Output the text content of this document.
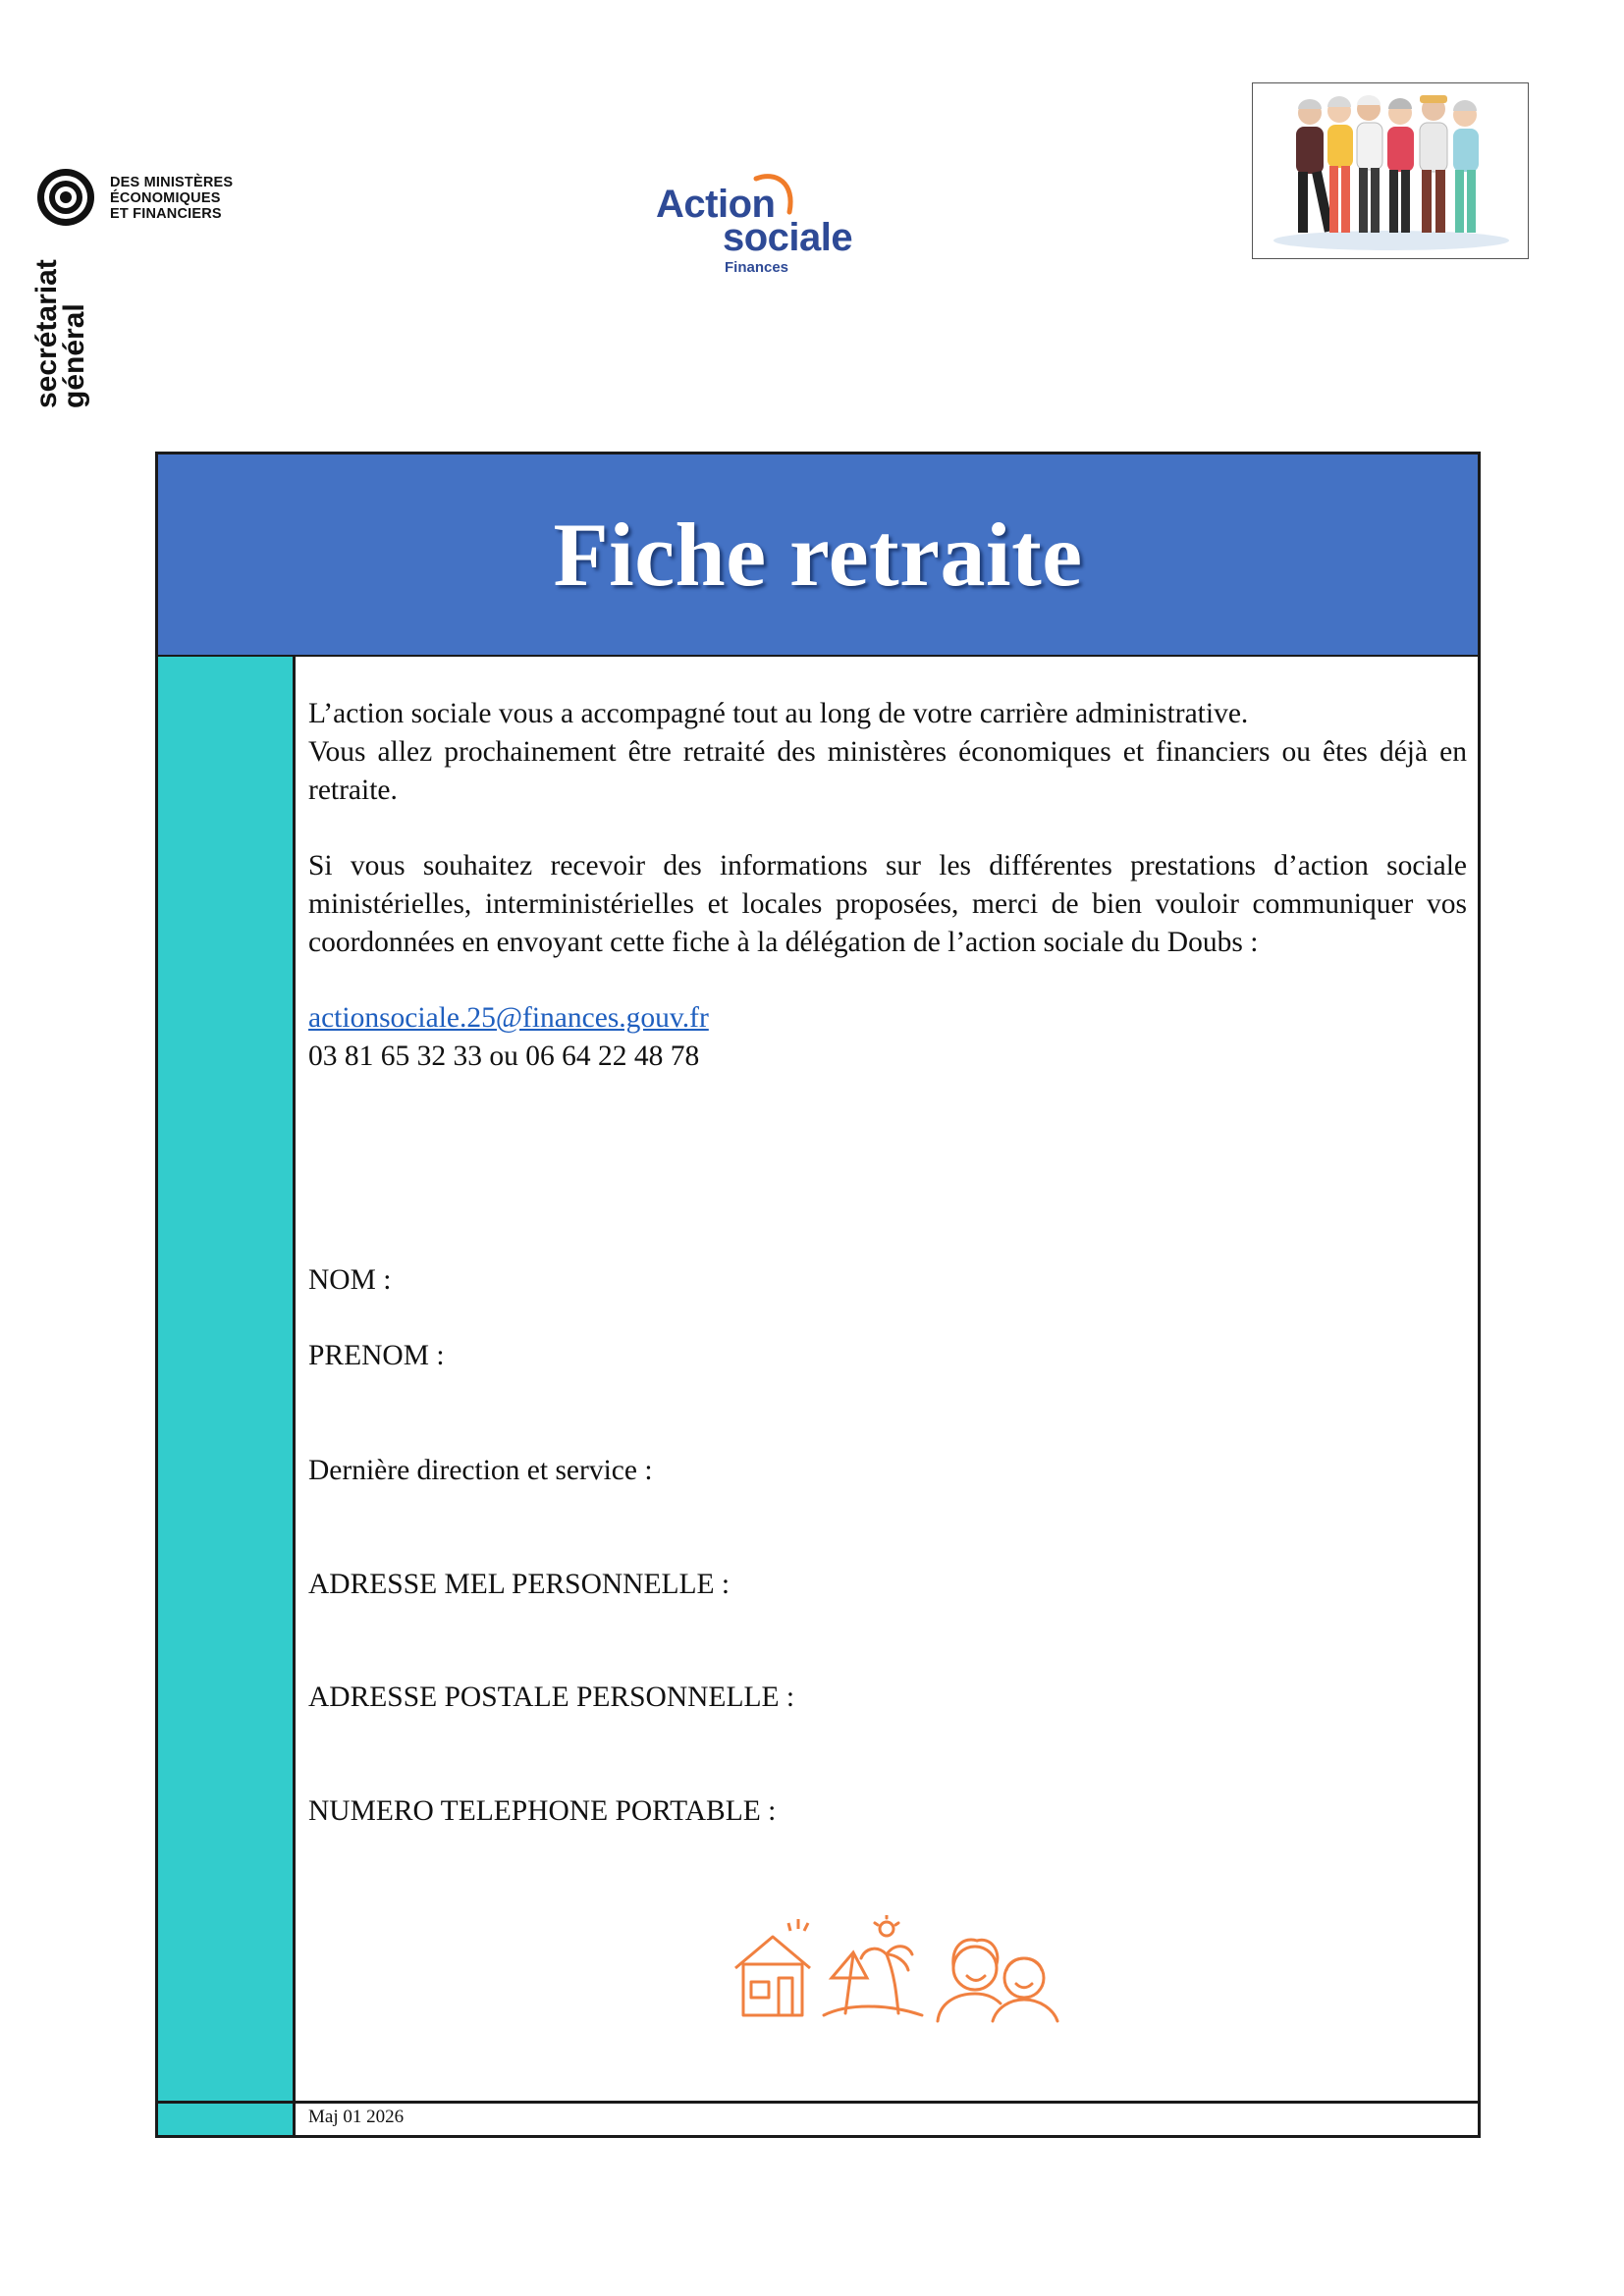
DES MINISTÈRES
ÉCONOMIQUES
ET FINANCIERS
secrétariat
général
Action
sociale
Finances
Fiche retraite

L’action sociale vous a accompagné tout au long de votre carrière administrative.

Vous allez prochainement être retraité des ministères économiques et financiers ou êtes déjà en retraite.

Si vous souhaitez recevoir des informations sur les différentes prestations d’action sociale ministérielles, interministérielles et locales proposées, merci de bien vouloir communiquer vos coordonnées en envoyant cette fiche à la délégation de l’action sociale du Doubs :

actionsociale.25@finances.gouv.fr

03 81 65 32 33 ou 06 64 22 48 78

NOM :
PRENOM :
Dernière direction et service :
ADRESSE MEL PERSONNELLE :
ADRESSE POSTALE PERSONNELLE :
NUMERO TELEPHONE PORTABLE :
Maj 01 2026
